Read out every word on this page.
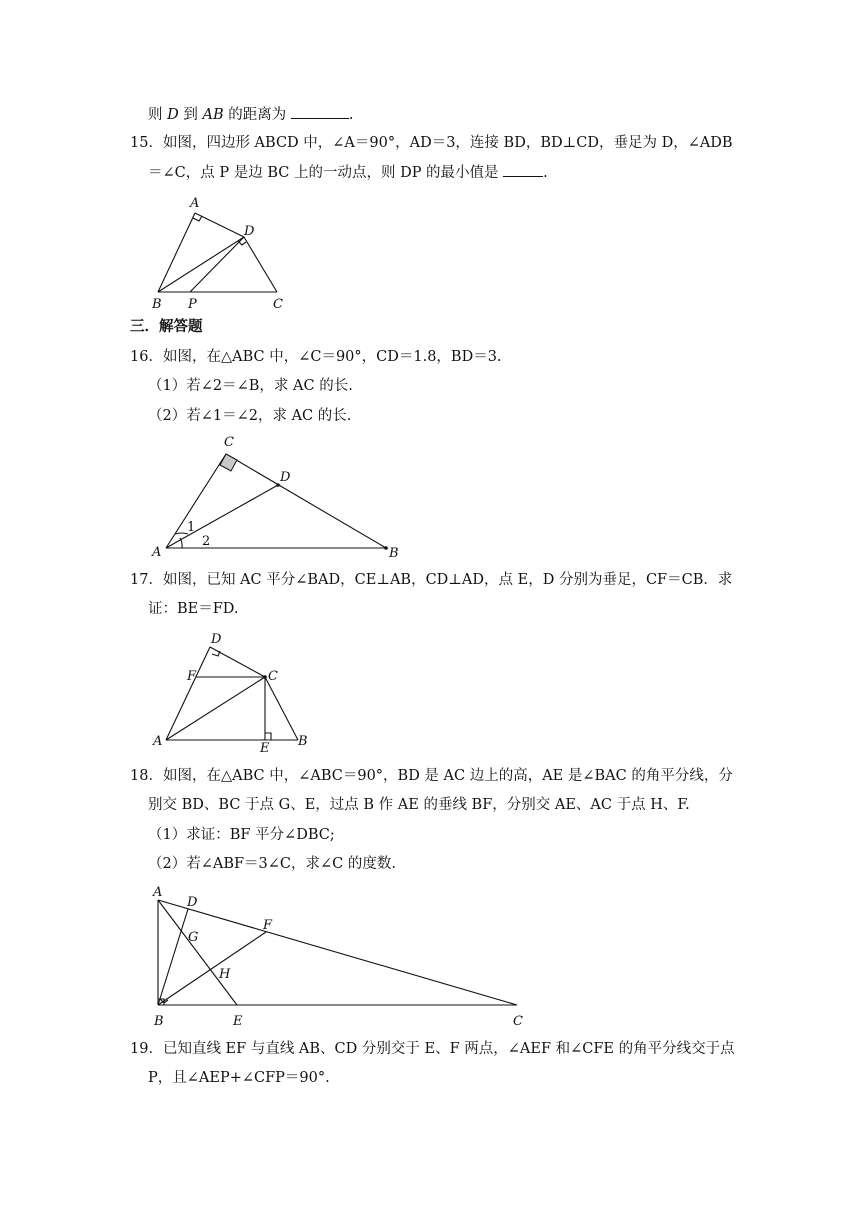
则 D 到 AB 的距离为	.
15．如图，四边形 ABCD 中，∠A＝90°，AD＝3，连接 BD，BD⊥CD，垂足为 D，∠ADB
＝∠C，点 P 是边 BC 上的一动点，则 DP 的最小值是	.
A
D
B P	C
三．解答题
16．如图，在△ABC 中，∠C＝90°，CD＝1.8，BD＝3.
（1）若∠2＝∠B，求 AC 的长.
（2）若∠1＝∠2，求 AC 的长.
C
D
A	B
1
2
17．如图，已知 AC 平分∠BAD，CE⊥AB，CD⊥AD，点 E，D 分别为垂足，CF＝CB．求
证：BE＝FD.
D
F	C
A	E B
18．如图，在△ABC 中，∠ABC＝90°，BD 是 AC 边上的高，AE 是∠BAC 的角平分线，分
别交 BD、BC 于点 G、E，过点 B 作 AE 的垂线 BF，分别交 AE、AC 于点 H、F.
（1）求证：BF 平分∠DBC;
（2）若∠ABF＝3∠C，求∠C 的度数.
A
D
F
G
H
B	E	C
19．已知直线 EF 与直线 AB、CD 分别交于 E、F 两点，∠AEF 和∠CFE 的角平分线交于点
P，且∠AEP+∠CFP＝90°.
